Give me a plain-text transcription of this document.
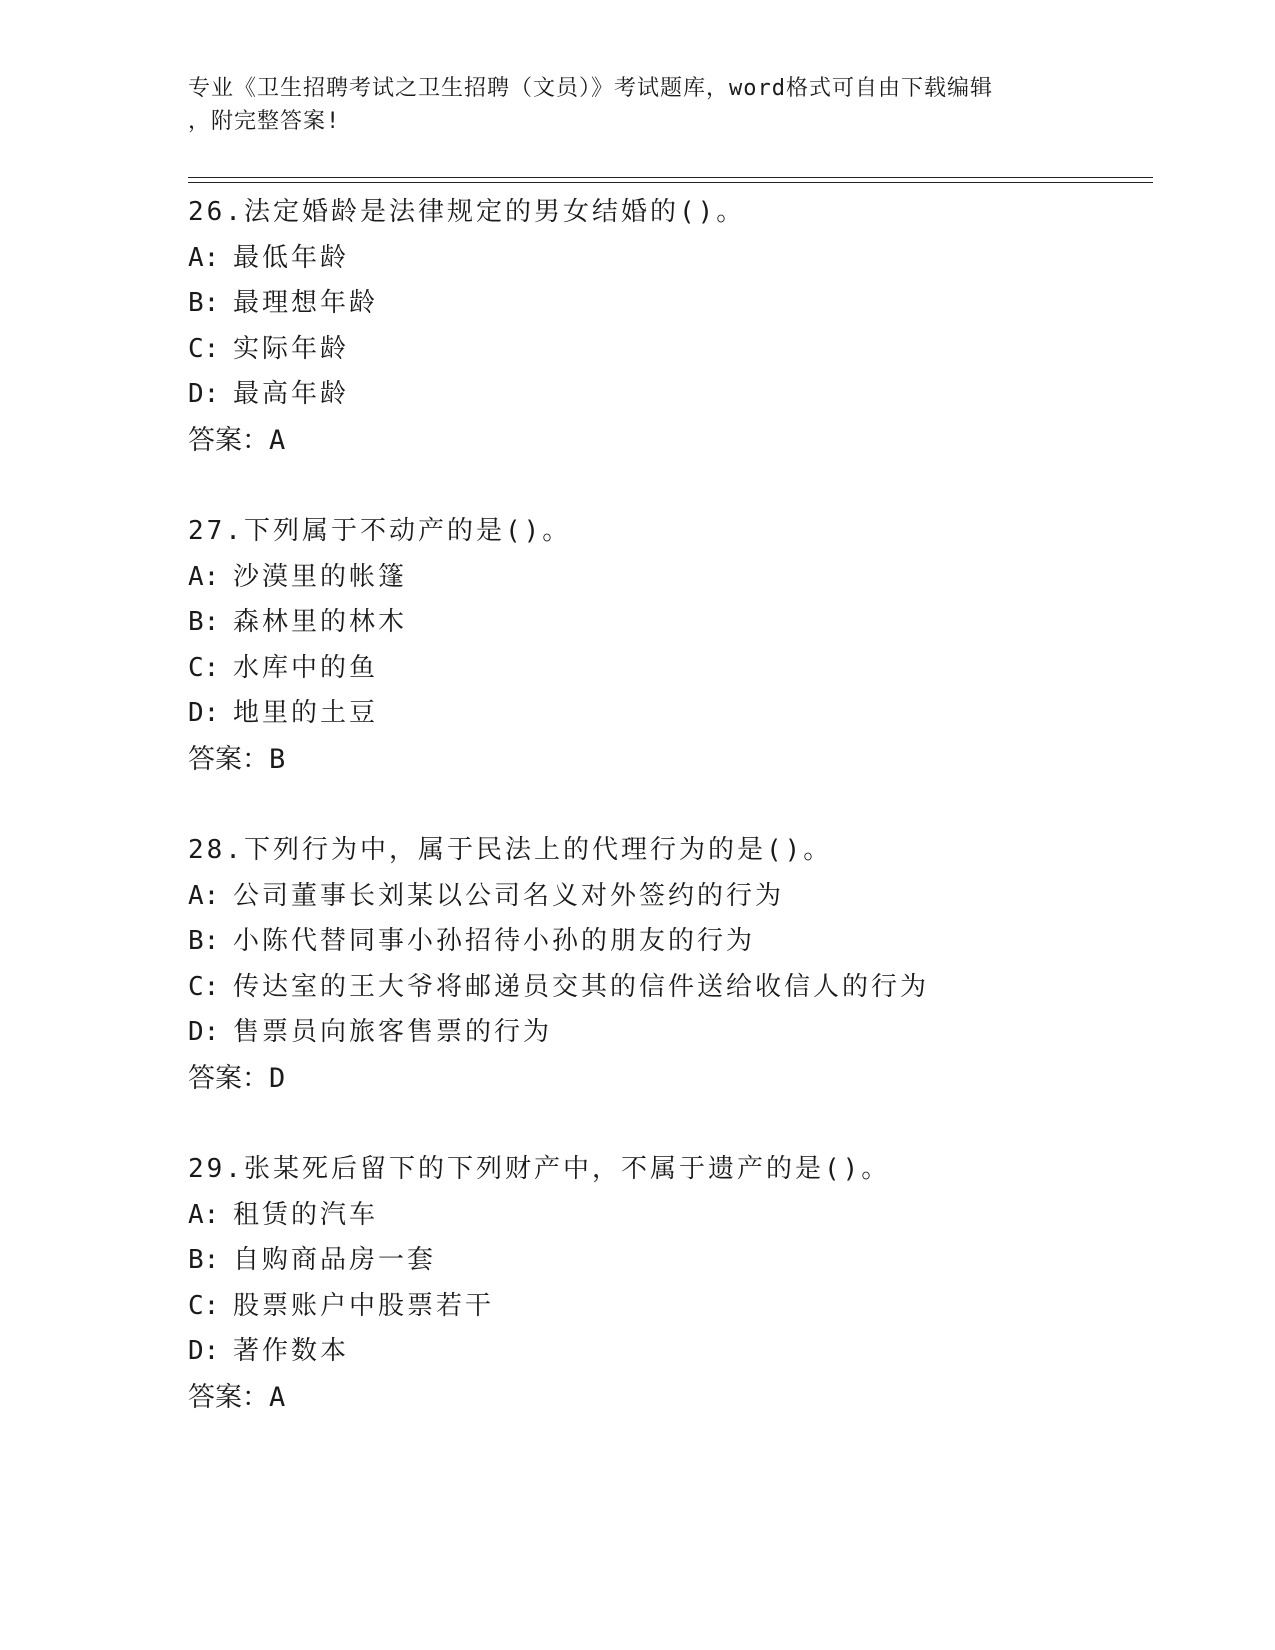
专业《卫生招聘考试之卫生招聘（文员）》考试题库，word格式可自由下载编辑
，附完整答案!
26.法定婚龄是法律规定的男女结婚的()。
A: 最低年龄
B: 最理想年龄
C: 实际年龄
D: 最高年龄
答案：A
27.下列属于不动产的是()。
A: 沙漠里的帐篷
B: 森林里的林木
C: 水库中的鱼
D: 地里的土豆
答案：B
28.下列行为中，属于民法上的代理行为的是()。
A: 公司董事长刘某以公司名义对外签约的行为
B: 小陈代替同事小孙招待小孙的朋友的行为
C: 传达室的王大爷将邮递员交其的信件送给收信人的行为
D: 售票员向旅客售票的行为
答案：D
29.张某死后留下的下列财产中，不属于遗产的是()。
A: 租赁的汽车
B: 自购商品房一套
C: 股票账户中股票若干
D: 著作数本
答案：A
